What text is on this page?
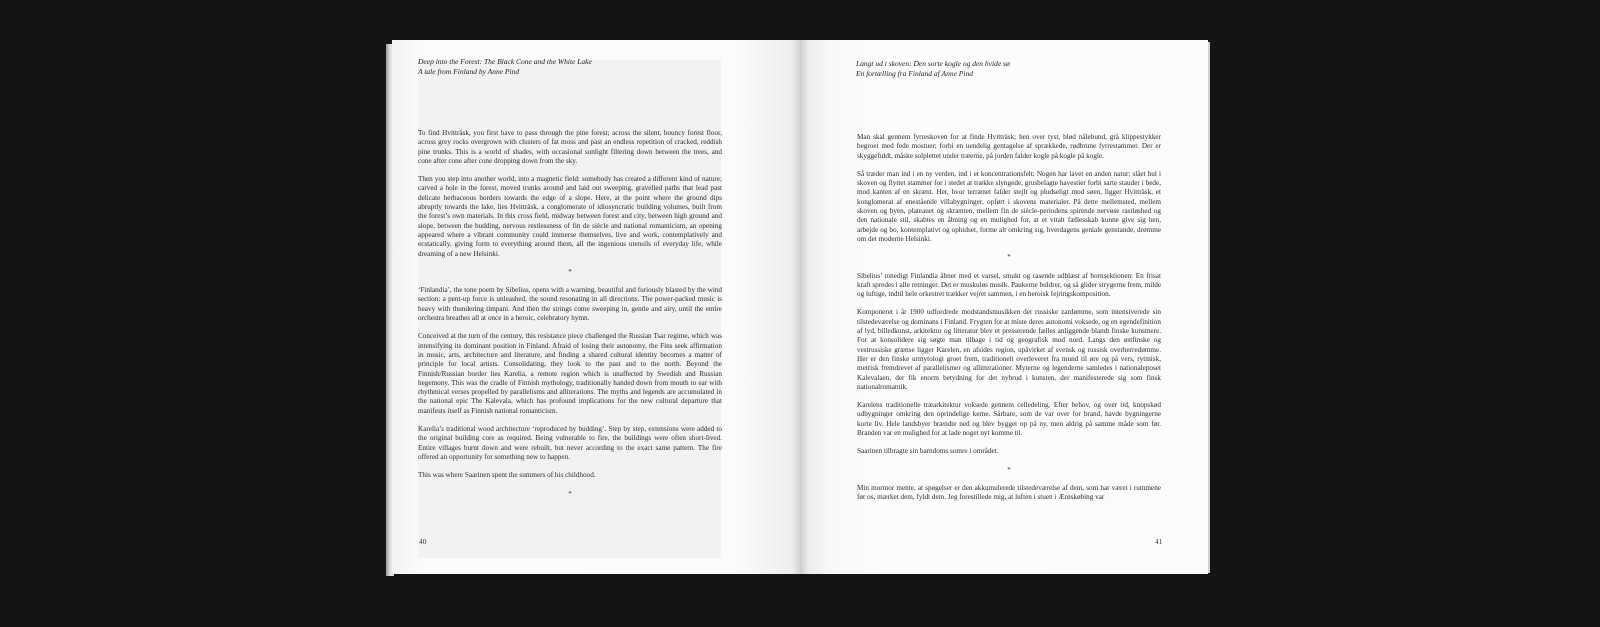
Deep into the Forest: The Black Cone and the White Lake
A tale from Finland by Anne Pind

To find Hvitträsk, you first have to pass through the pine forest; across the silent, bouncy forest floor, across grey rocks overgrown with clusters of fat moss and past an endless repetition of cracked, reddish pine trunks. This is a world of shades, with occasional sunlight filtering down between the trees, and cone after cone after cone dropping down from the sky.

Then you step into another world, into a magnetic field: somebody has created a different kind of nature; carved a hole in the forest, moved trunks around and laid out sweeping, gravelled paths that lead past delicate herbaceous borders towards the edge of a slope. Here, at the point where the ground dips abruptly towards the lake, lies Hvitträsk, a conglomerate of idiosyncratic building volumes, built from the forest’s own materials. In this cross field, midway between forest and city, between high ground and slope, between the budding, nervous restlessness of fin de siècle and national romanticism, an opening appeared where a vibrant community could immerse themselves, live and work, contemplatively and ecstatically, giving form to everything around them, all the ingenious utensils of everyday life, while dreaming of a new Helsinki.

*

‘Finlandia’, the tone poem by Sibelius, opens with a warning, beautiful and furiously blasted by the wind section: a pent-up force is unleashed, the sound resonating in all directions. The power-packed music is heavy with thundering timpani. And then the strings come sweeping in, gentle and airy, until the entire orchestra breathes all at once in a heroic, celebratory hymn.

Conceived at the turn of the century, this resistance piece challenged the Russian Tsar regime, which was intensifying its dominant position in Finland. Afraid of losing their autonomy, the Fins seek affirmation in music, arts, architecture and literature, and finding a shared cultural identity becomes a matter of principle for local artists. Consolidating, they look to the past and to the north. Beyond the Finnish/Russian border lies Karelia, a remote region which is unaffected by Swedish and Russian hegemony. This was the cradle of Finnish mythology, traditionally handed down from mouth to ear with rhythmical verses propelled by parallelisms and alliterations. The myths and legends are accumulated in the national epic The Kalevala, which has profound implications for the new cultural departure that manifests itself as Finnish national romanticism.

Karelia’s traditional wood architecture ‘reproduced by budding’. Step by step, extensions were added to the original building core as required. Being vulnerable to fire, the buildings were often short-lived. Entire villages burnt down and were rebuilt, but never according to the exact same pattern. The fire offered an opportunity for something new to happen.

This was where Saarinen spent the summers of his childhood.

*
40
Langt ud i skoven: Den sorte kogle og den hvide sø
En fortælling fra Finland af Anne Pind

Man skal gennem fyrreskoven for at finde Hvitträsk; hen over tyst, blød nålebund, grå klippestykker begroet med fede mostuer; forbi en uendelig gentagelse af sprækkede, rødbrune fyrrestammer. Der er skyggefuldt, måske solplettet under træerne, på jorden falder kogle på kogle på kogle.

Så træder man ind i en ny verden, ind i et koncentrationsfelt: Nogen har lavet en anden natur; slået hul i skoven og flyttet stammer for i stedet at trække slyngede, grusbelagte havestier forbi sarte stauder i bede, mod kanten af en skrænt. Her, hvor terrænet falder stejlt og pludseligt mod søen, ligger Hvitträsk, et konglomerat af enestående villabygninger, opført i skovens materialer. På dette mellemsted, mellem skoven og byen, plateauet og skrænten, mellem fin de siècle-periodens spirende nervøse rastløshed og den nationale stil, skabtes en åbning og en mulighed for, at et vitalt fællesskab kunne give sig hen, arbejde og bo, kontemplativt og ophidset, forme alt omkring sig, hverdagens geniale genstande, drømme om det moderne Helsinki.

*

Sibelius’ tonedigt Finlandia åbner med et varsel, smukt og rasende udblæst af hornsektionen: En frisat kraft spredes i alle retninger. Det er muskuløs musik. Paukerne buldrer, og så glider strygerne frem, milde og luftige, indtil hele orkestret trækker vejret sammen, i en heroisk fejringskomposition.

Komponeret i år 1900 udfordrede modstandsmusikken det russiske zardømme, som intensiverede sin tilstedeværelse og dominans i Finland. Frygten for at miste deres autonomi voksede, og en egendefinition af lyd, billedkunst, arkitektur og litteratur blev et presserende fælles anliggende blandt finske kunstnere. For at konsolidere sig søgte man tilbage i tid og geografisk mod nord. Langs den østfinske og vestrussiske grænse ligger Karelen, en afsides region, upåvirket af svensk og russisk overherredømme. Her er den finske urmytologi groet frem, traditionelt overleveret fra mund til øre og på vers, rytmisk, metrisk fremdrevet af parallelismer og allitterationer. Myterne og legenderne samledes i nationaleposet Kalevalaen, der fik enorm betydning for det nybrud i kunsten, der manifesterede sig som finsk nationalromantik.

Karelens traditionelle træarkitektur voksede gennem celledeling. Efter behov, og over tid, knopskød udbygninger omkring den oprindelige kerne. Sårbare, som de var over for brand, havde bygningerne korte liv. Hele landsbyer brændte ned og blev bygget op på ny, men aldrig på samme måde som før. Branden var en mulighed for at lade noget nyt komme til.

Saarinen tilbragte sin barndoms somre i området.

*

Min mormor mente, at spøgelser er den akkumulerede tilstedeværelse af dem, som har været i rummene før os, mærket dem, fyldt dem. Jeg forestillede mig, at luften i stuen i Ærøskøbing var

41
